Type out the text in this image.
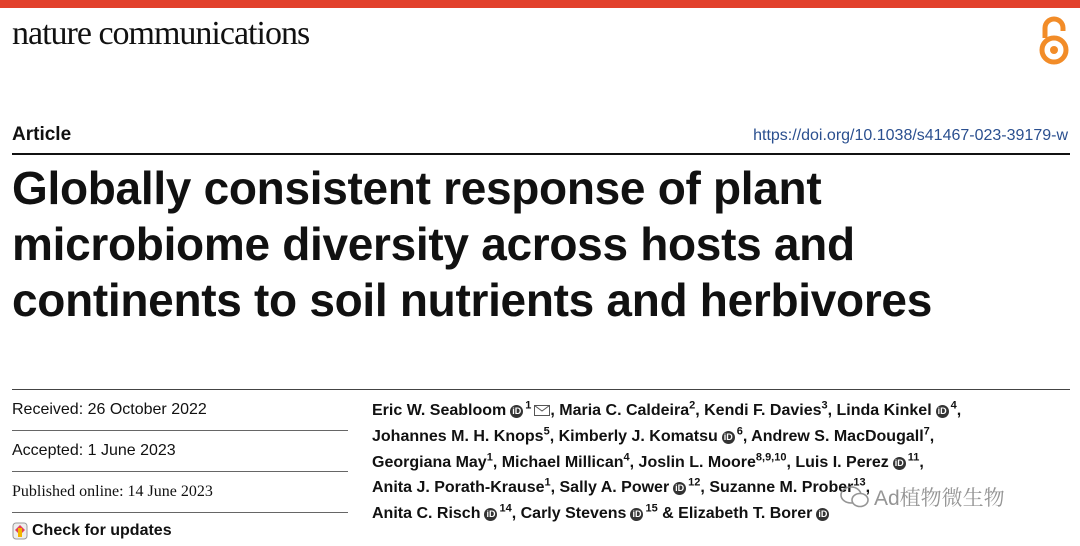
nature communications
Article	https://doi.org/10.1038/s41467-023-39179-w
Globally consistent response of plant
microbiome diversity across hosts and
continents to soil nutrients and herbivores
Received: 26 October 2022
Accepted: 1 June 2023
Published online: 14 June 2023
Check for updates
Eric W. Seabloom iD $^1$ , Maria C. Caldeira$^2$, Kendi F. Davies$^3$, Linda Kinkel iD $^4$,
Johannes M. H. Knops$^5$, Kimberly J. Komatsu iD $^6$, Andrew S. MacDougall$^7$,
Georgiana May$^1$, Michael Millican$^4$, Joslin L. Moore$^{8,9,10}$, Luis I. Perez iD $^{11}$,
Anita J. Porath-Krause$^1$, Sally A. Power iD $^{12}$, Suzanne M. Prober$^{13}$,
Anita C. Risch iD $^{14}$, Carly Stevens iD $^{15}$ & Elizabeth T. Borer iD
Ad植物微生物
